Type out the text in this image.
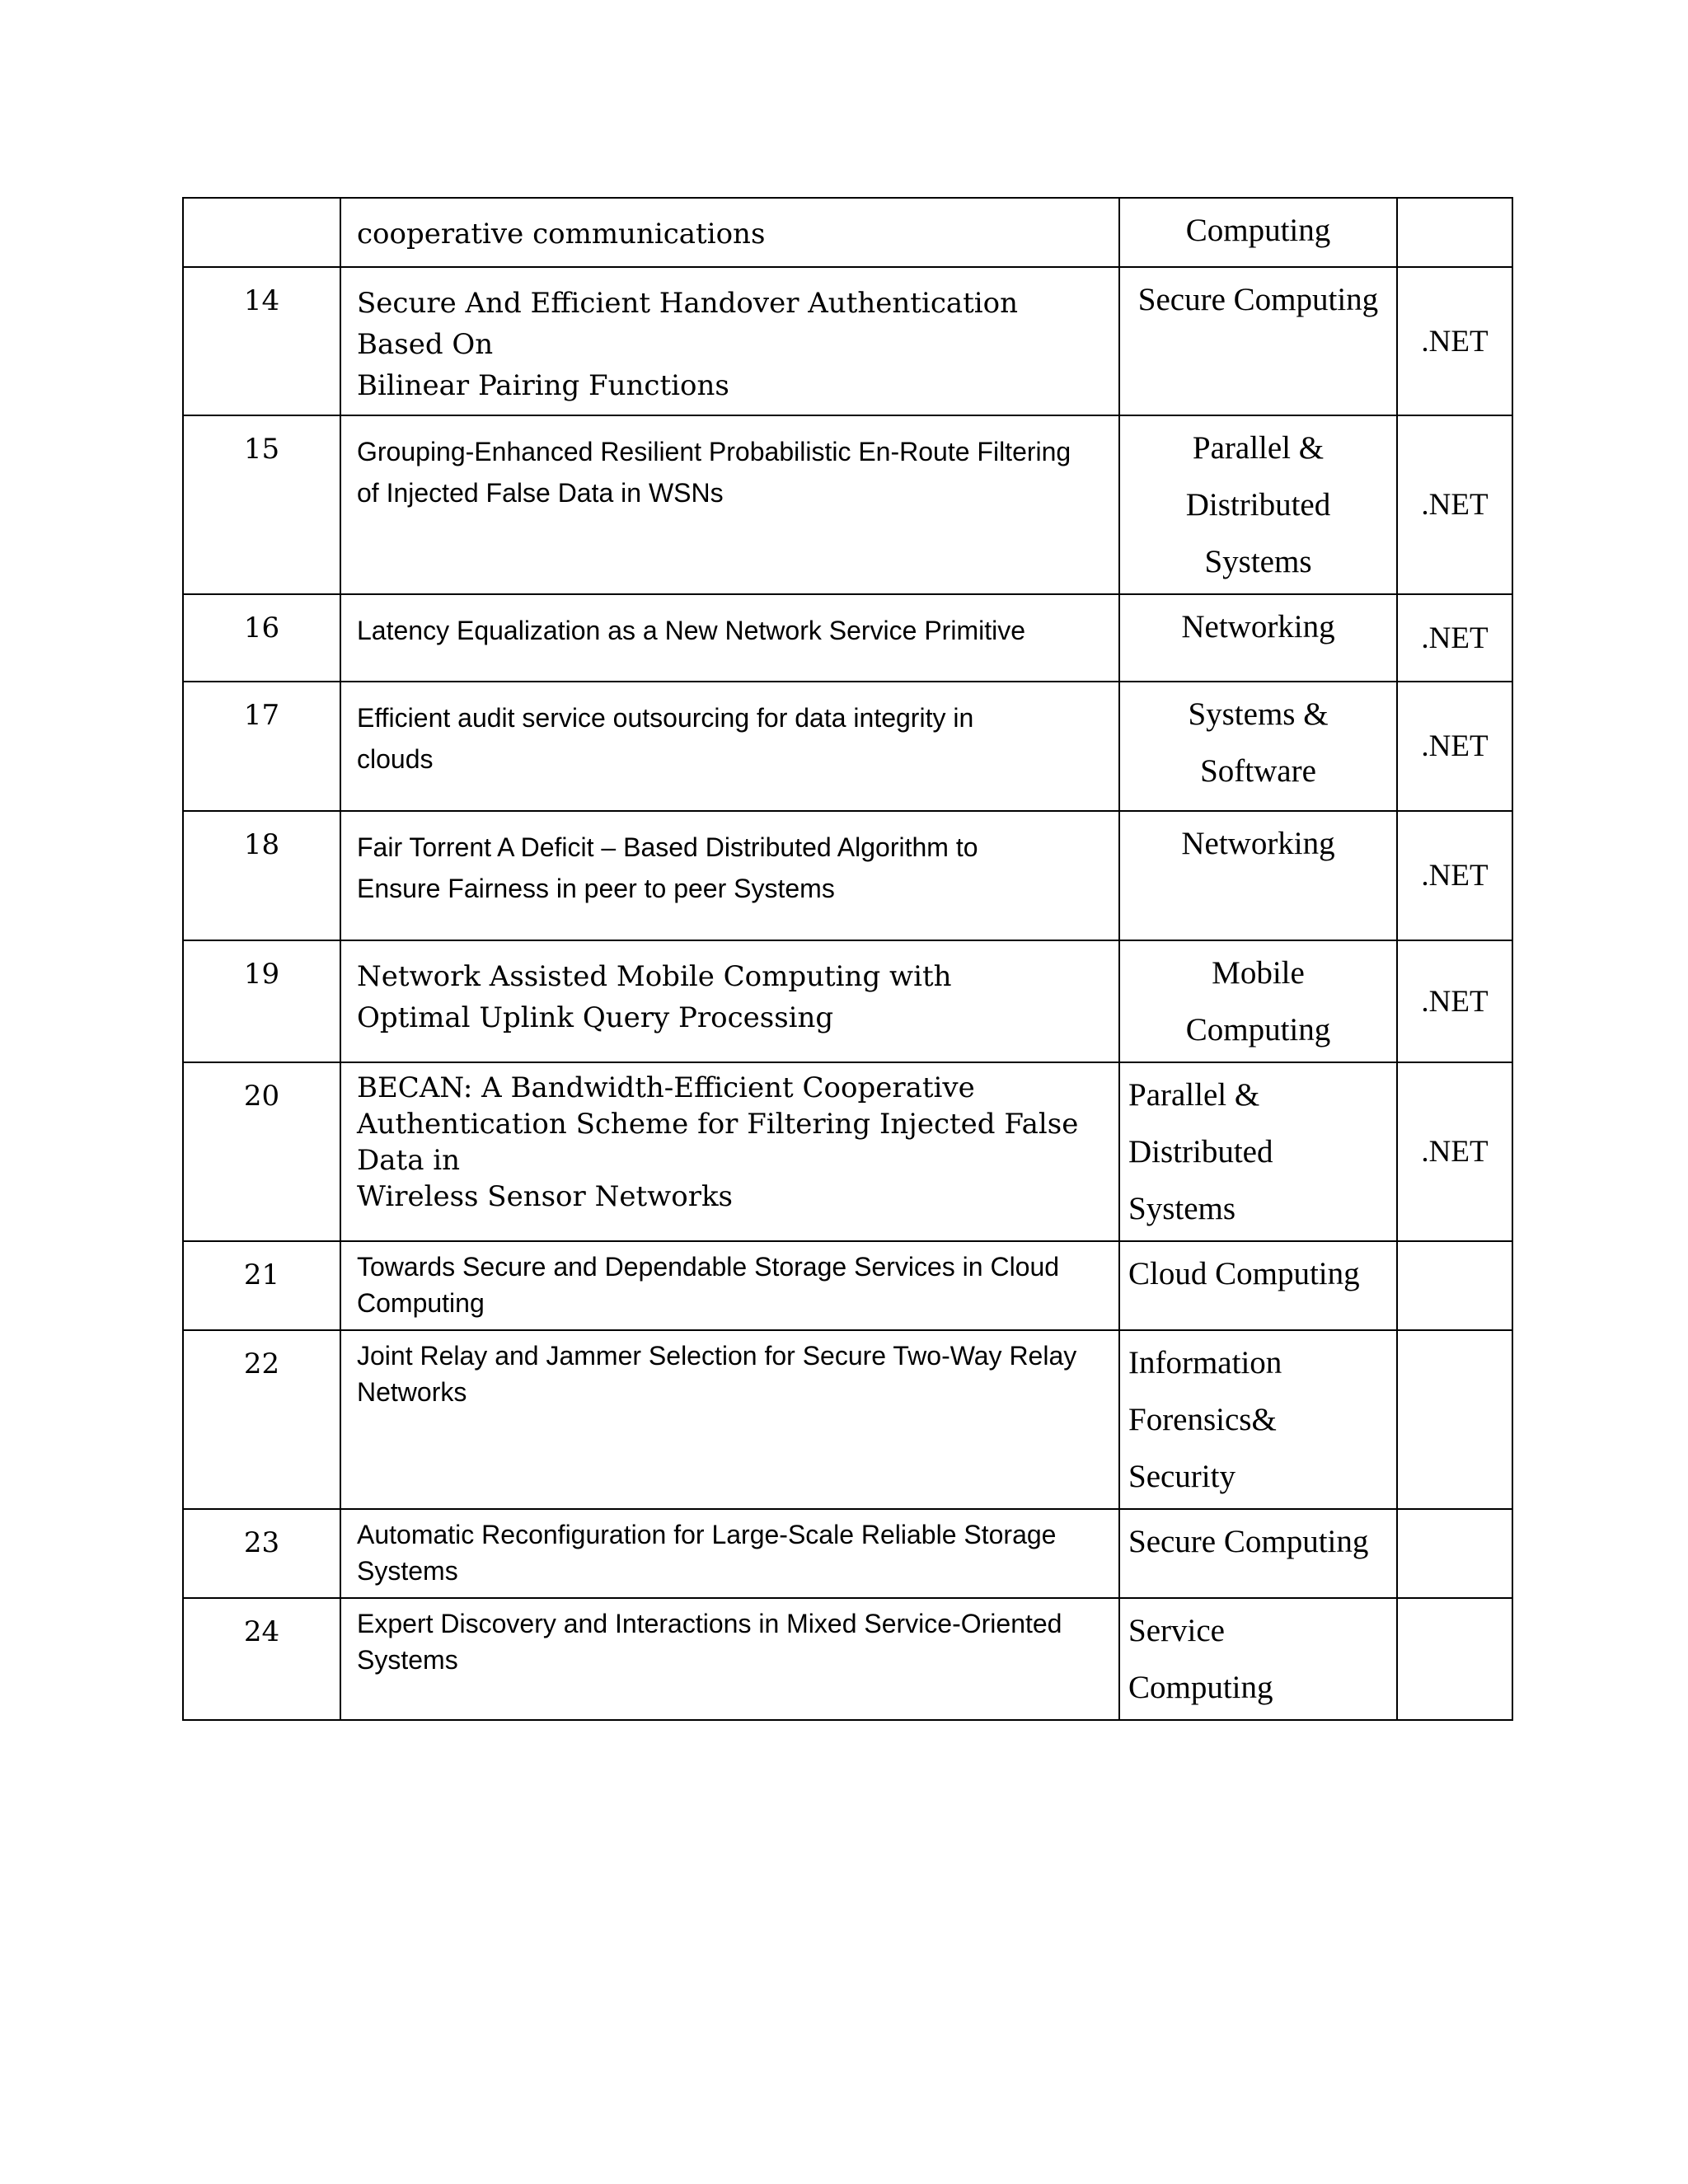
	cooperative communications	Computing	

14	Secure And Efficient Handover Authentication Based On
Bilinear Pairing Functions	Secure Computing	.NET
15	Grouping-Enhanced Resilient Probabilistic En-Route Filtering
of Injected False Data in WSNs	Parallel &
Distributed
Systems	.NET
16	Latency Equalization as a New Network Service Primitive	Networking	.NET
17	Efficient audit service outsourcing for data integrity in
clouds	Systems &
Software	.NET
18	Fair Torrent A Deficit – Based Distributed Algorithm to
Ensure Fairness in peer to peer Systems	Networking	.NET
19	Network Assisted Mobile Computing with
Optimal Uplink Query Processing	Mobile
Computing	.NET
20	BECAN: A Bandwidth-Efficient Cooperative
Authentication Scheme for Filtering Injected False Data in
Wireless Sensor Networks	Parallel &
Distributed
Systems	.NET
21	Towards Secure and Dependable Storage Services in Cloud
Computing	Cloud Computing	

22	Joint Relay and Jammer Selection for Secure Two-Way Relay
Networks	Information
Forensics&
Security	

23	Automatic Reconfiguration for Large-Scale Reliable Storage
Systems	Secure Computing	

24	Expert Discovery and Interactions in Mixed Service-Oriented
Systems	Service
Computing	
